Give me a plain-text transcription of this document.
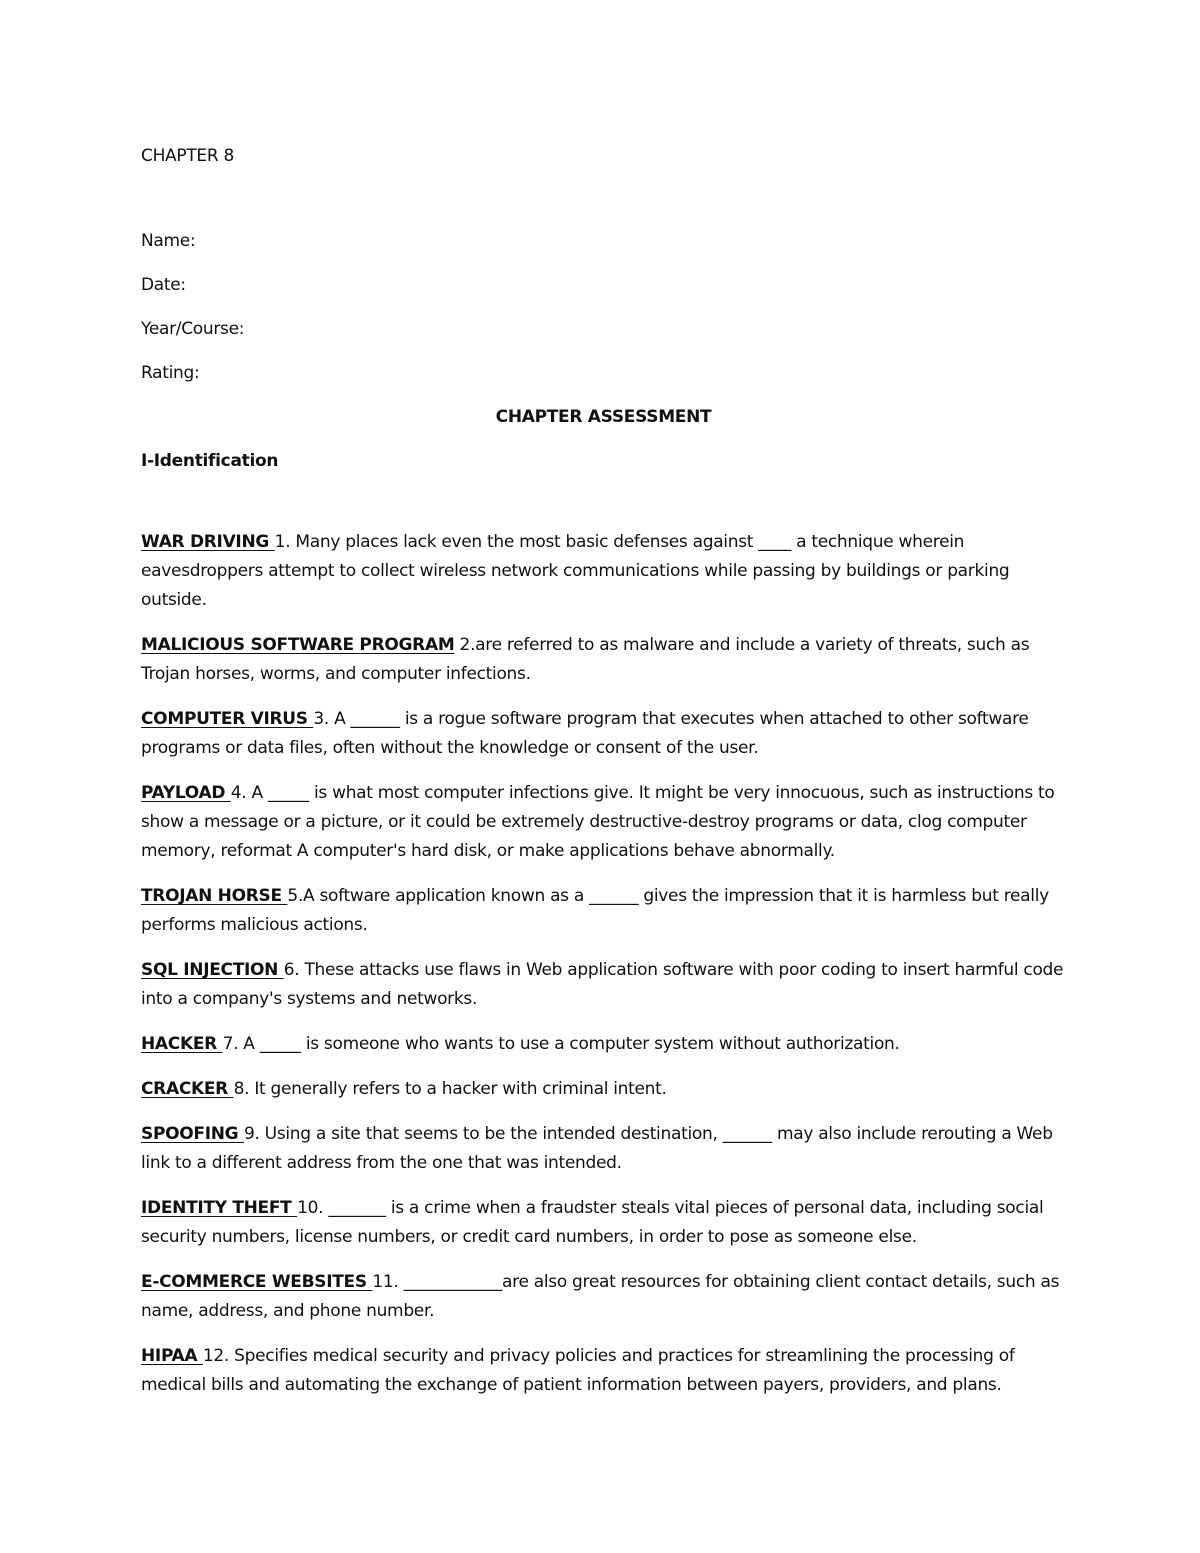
CHAPTER 8

Name:

Date:

Year/Course:

Rating:

CHAPTER ASSESSMENT

I-Identification

WAR DRIVING 1. Many places lack even the most basic defenses against ____ a technique wherein eavesdroppers attempt to collect wireless network communications while passing by buildings or parking outside.

MALICIOUS SOFTWARE PROGRAM 2.are referred to as malware and include a variety of threats, such as Trojan horses, worms, and computer infections.

COMPUTER VIRUS 3. A ______ is a rogue software program that executes when attached to other software programs or data files, often without the knowledge or consent of the user.

PAYLOAD 4. A _____ is what most computer infections give. It might be very innocuous, such as instructions to show a message or a picture, or it could be extremely destructive-destroy programs or data, clog computer memory, reformat A computer's hard disk, or make applications behave abnormally.

TROJAN HORSE 5.A software application known as a ______ gives the impression that it is harmless but really performs malicious actions.

SQL INJECTION 6. These attacks use flaws in Web application software with poor coding to insert harmful code into a company's systems and networks.

HACKER 7. A _____ is someone who wants to use a computer system without authorization.

CRACKER 8. It generally refers to a hacker with criminal intent.

SPOOFING 9. Using a site that seems to be the intended destination, ______ may also include rerouting a Web link to a different address from the one that was intended.

IDENTITY THEFT 10. _______ is a crime when a fraudster steals vital pieces of personal data, including social security numbers, license numbers, or credit card numbers, in order to pose as someone else.

E-COMMERCE WEBSITES 11. ____________are also great resources for obtaining client contact details, such as name, address, and phone number.

HIPAA 12. Specifies medical security and privacy policies and practices for streamlining the processing of medical bills and automating the exchange of patient information between payers, providers, and plans.
